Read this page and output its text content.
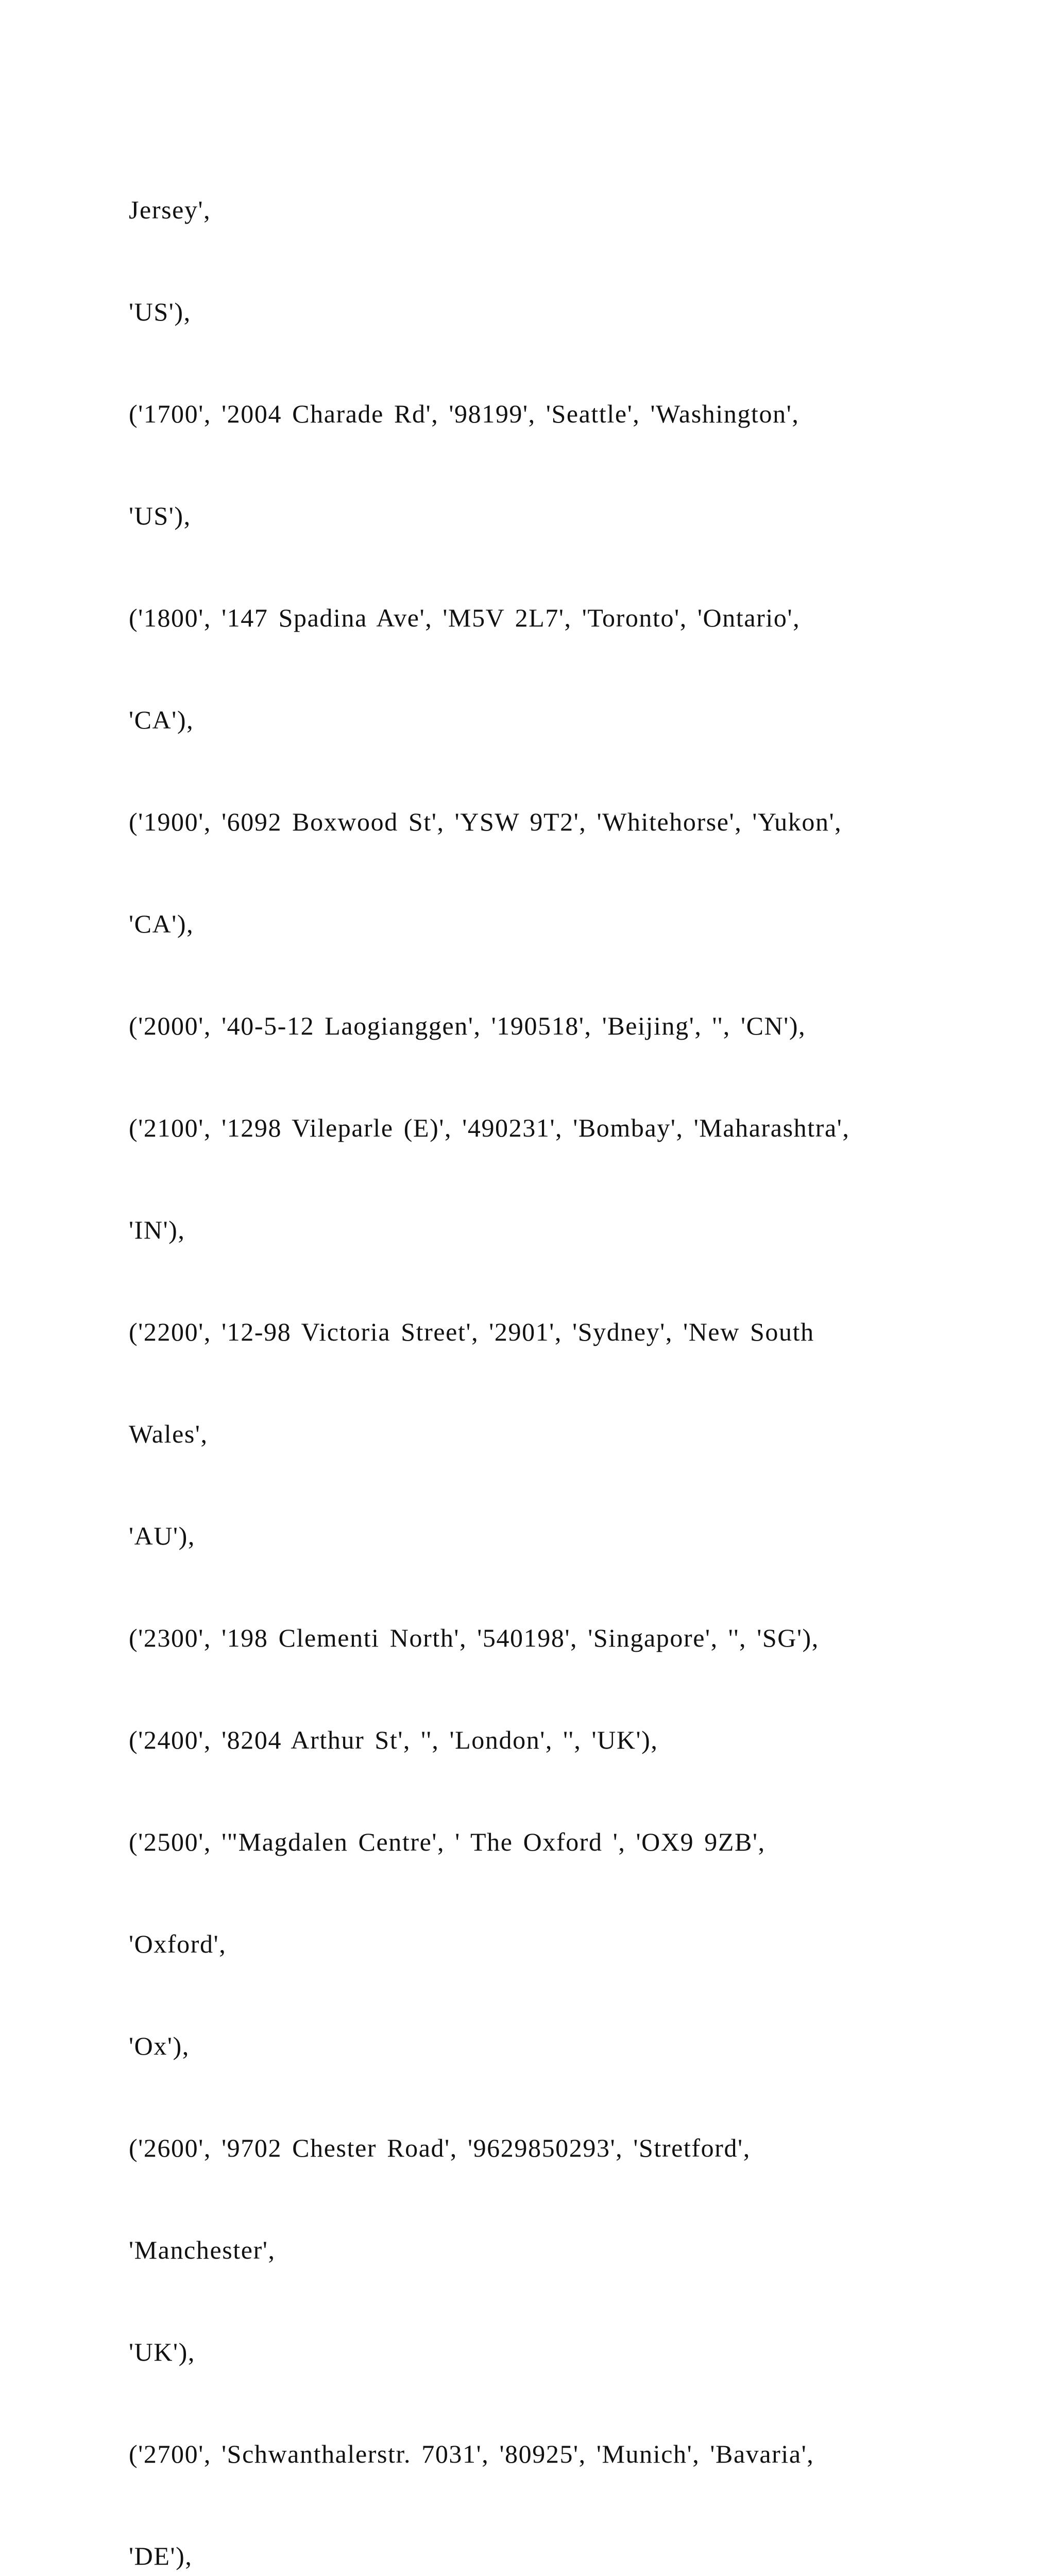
Jersey',

'US'),

('1700', '2004 Charade Rd', '98199', 'Seattle', 'Washington',

'US'),

('1800', '147 Spadina Ave', 'M5V 2L7', 'Toronto', 'Ontario',

'CA'),

('1900', '6092 Boxwood St', 'YSW 9T2', 'Whitehorse', 'Yukon',

'CA'),

('2000', '40-5-12 Laogianggen', '190518', 'Beijing', '', 'CN'),

('2100', '1298 Vileparle (E)', '490231', 'Bombay', 'Maharashtra',

'IN'),

('2200', '12-98 Victoria Street', '2901', 'Sydney', 'New South

Wales',

'AU'),

('2300', '198 Clementi North', '540198', 'Singapore', '', 'SG'),

('2400', '8204 Arthur St', '', 'London', '', 'UK'),

('2500', '"Magdalen Centre', ' The Oxford ', 'OX9 9ZB',

'Oxford',

'Ox'),

('2600', '9702 Chester Road', '9629850293', 'Stretford',

'Manchester',

'UK'),

('2700', 'Schwanthalerstr. 7031', '80925', 'Munich', 'Bavaria',

'DE'),
